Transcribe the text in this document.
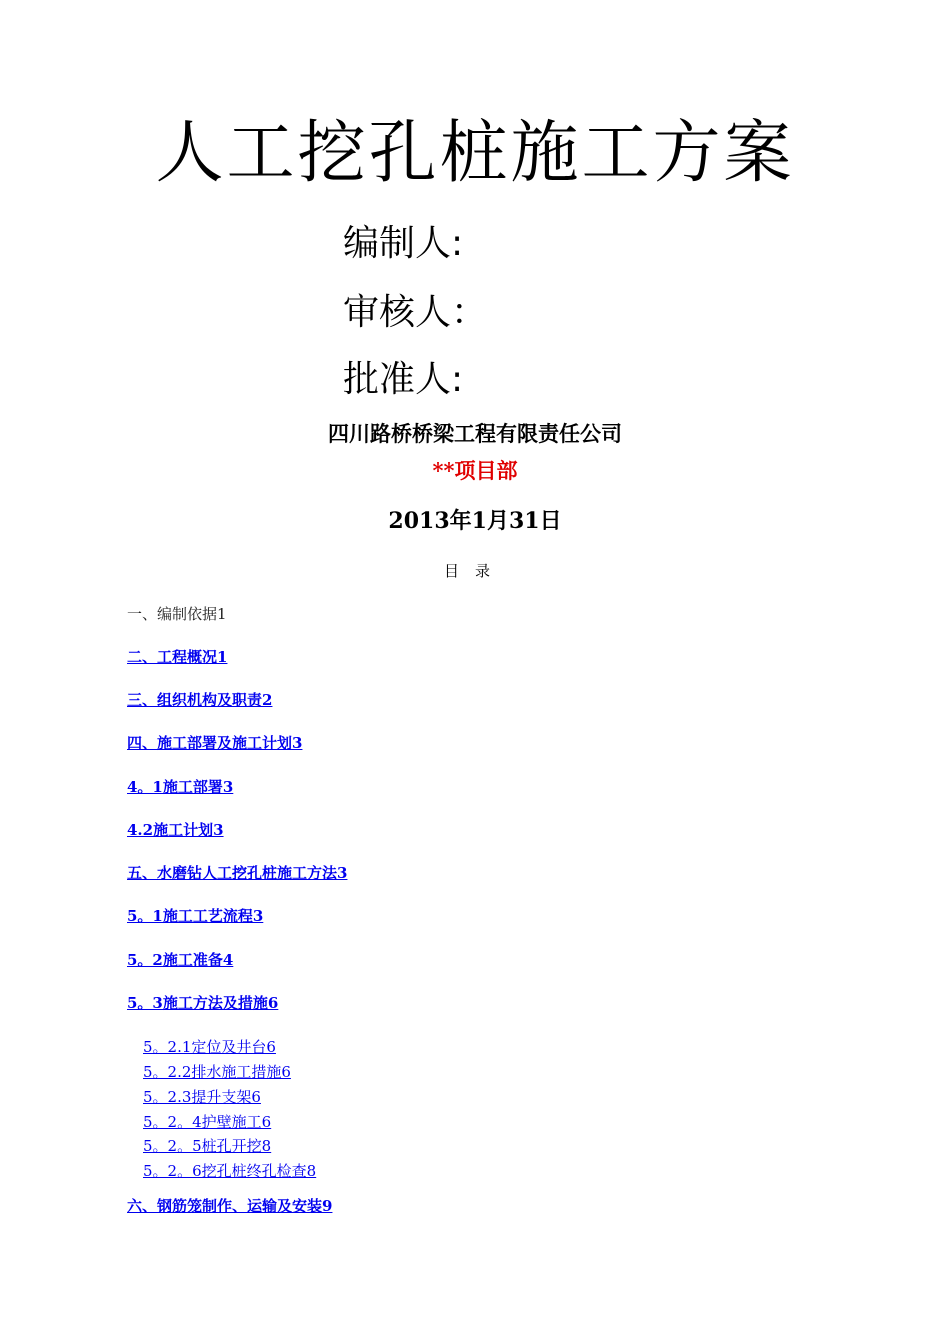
人工挖孔桩施工方案
编制人:
审核人：
批准人:
四川路桥桥梁工程有限责任公司
**项目部
2013年1月31日
目录
一、编制依据1
二、工程概况1
三、组织机构及职责2
四、施工部署及施工计划3
4。1施工部署3
4.2施工计划3
五、水磨钻人工挖孔桩施工方法3
5。1施工工艺流程3
5。2施工准备4
5。3施工方法及措施6
5。2.1定位及井台6
5。2.2排水施工措施6
5。2.3提升支架6
5。2。4护壁施工6
5。2。5桩孔开挖8
5。2。6挖孔桩终孔检查8
六、钢筋笼制作、运输及安装9
